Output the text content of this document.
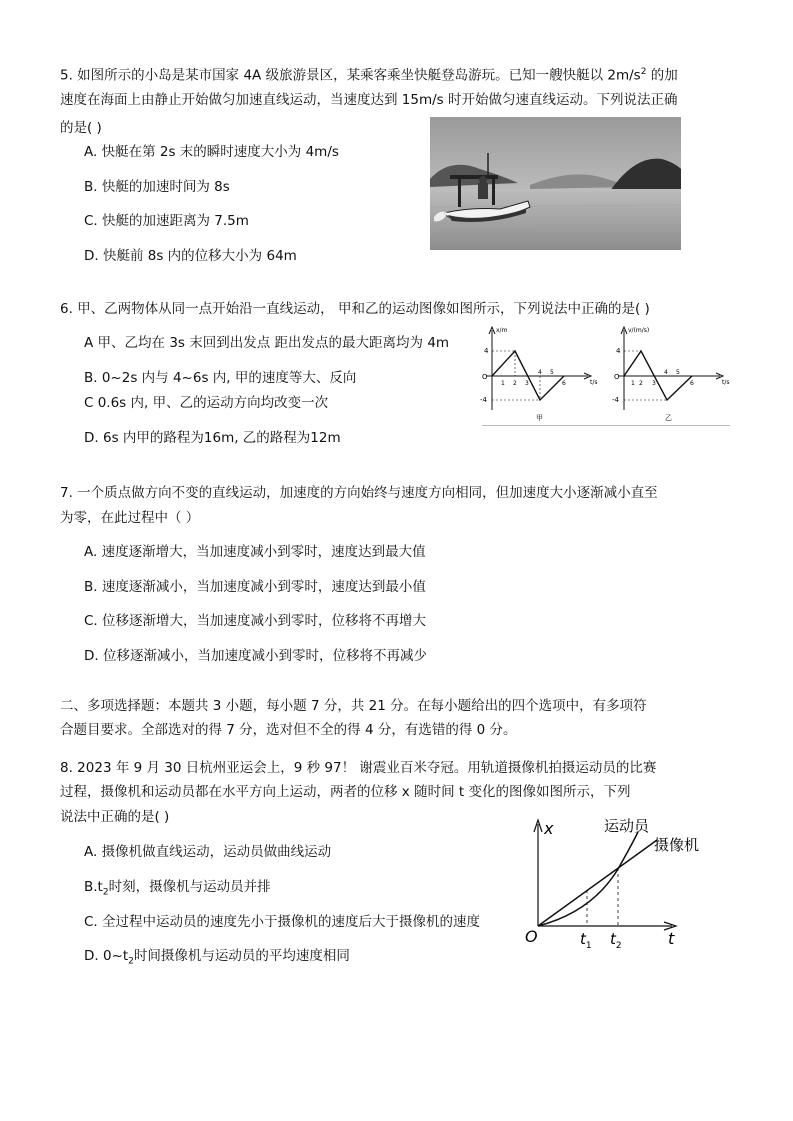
5. 如图所示的小岛是某市国家 4A 级旅游景区，某乘客乘坐快艇登岛游玩。已知一艘快艇以 $2m/s^2$ 的加
速度在海面上由静止开始做匀加速直线运动，当速度达到 15m/s 时开始做匀速直线运动。下列说法正确
的是( )
A. 快艇在第 2s 末的瞬时速度大小为 4m/s
B. 快艇的加速时间为 8s
C. 快艇的加速距离为 7.5m
D. 快艇前 8s 内的位移大小为 64m
6. 甲、乙两物体从同一点开始沿一直线运动， 甲和乙的运动图像如图所示，下列说法中正确的是( )
A 甲、乙均在 3s 末回到出发点 距出发点的最大距离均为 4m
B. 0~2s 内与 4~6s 内, 甲的速度等大、反向
C 0.6s 内, 甲、乙的运动方向均改变一次
D. 6s 内甲的路程为16m, 乙的路程为12m
x/m
t/s
O
4
-4
1 2 3
4 5
6
甲
v/(m/s)
t/s
O
4
-4
1 2 3
4 5
6
乙
7. 一个质点做方向不变的直线运动，加速度的方向始终与速度方向相同，但加速度大小逐渐减小直至
为零，在此过程中（ ）
A. 速度逐渐增大，当加速度减小到零时，速度达到最大值
B. 速度逐渐减小，当加速度减小到零时，速度达到最小值
C. 位移逐渐增大，当加速度减小到零时，位移将不再增大
D. 位移逐渐减小，当加速度减小到零时，位移将不再减少
二、多项选择题：本题共 3 小题，每小题 7 分，共 21 分。在每小题给出的四个选项中，有多项符
合题目要求。全部选对的得 7 分，选对但不全的得 4 分，有选错的得 0 分。
8. 2023 年 9 月 30 日杭州亚运会上，9 秒 97！ 谢震业百米夺冠。用轨道摄像机拍摄运动员的比赛
过程，摄像机和运动员都在水平方向上运动，两者的位移 x 随时间 t 变化的图像如图所示，下列
说法中正确的是( )
A. 摄像机做直线运动，运动员做曲线运动
$B.t_2$时刻，摄像机与运动员并排
C. 全过程中运动员的速度先小于摄像机的速度后大于摄像机的速度
D. $0\sim t_2$时间摄像机与运动员的平均速度相同
x
t
O
运动员
摄像机
$t_1$ $t_2$
